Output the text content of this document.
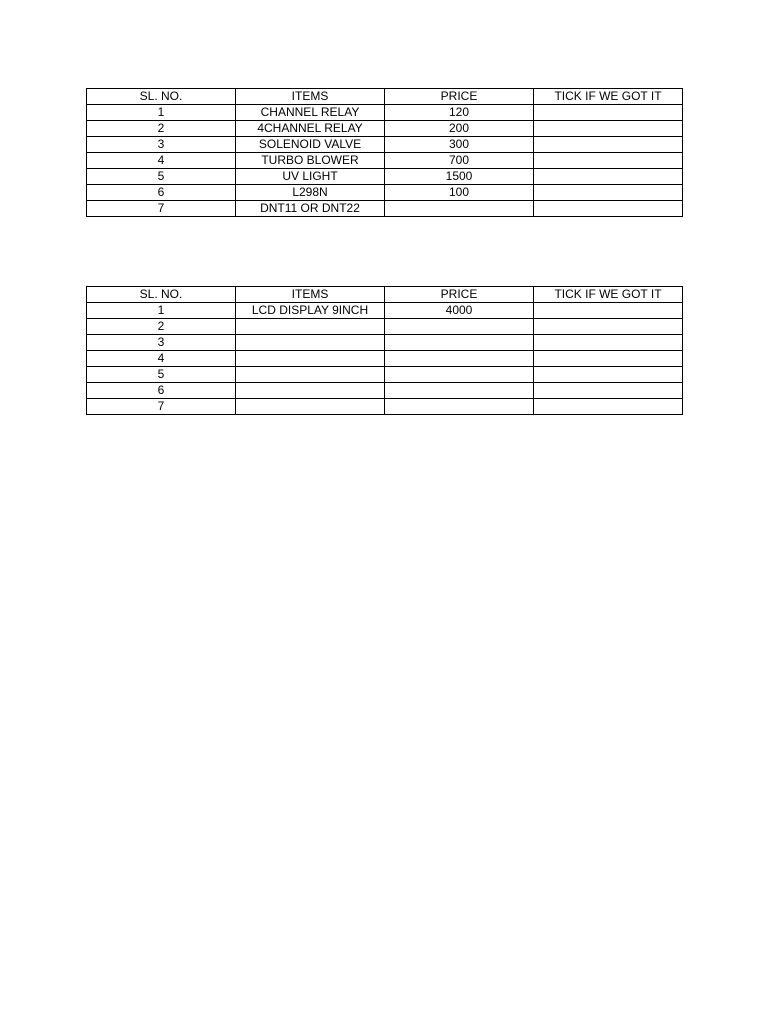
SL. NO.	ITEMS	PRICE	TICK IF WE GOT IT
1	CHANNEL RELAY	120	
2	4CHANNEL RELAY	200	
3	SOLENOID VALVE	300	
4	TURBO BLOWER	700	
5	UV LIGHT	1500	
6	L298N	100	
7	DNT11 OR DNT22		
SL. NO.	ITEMS	PRICE	TICK IF WE GOT IT
1	LCD DISPLAY 9INCH	4000	
2			
3			
4			
5			
6			
7			
